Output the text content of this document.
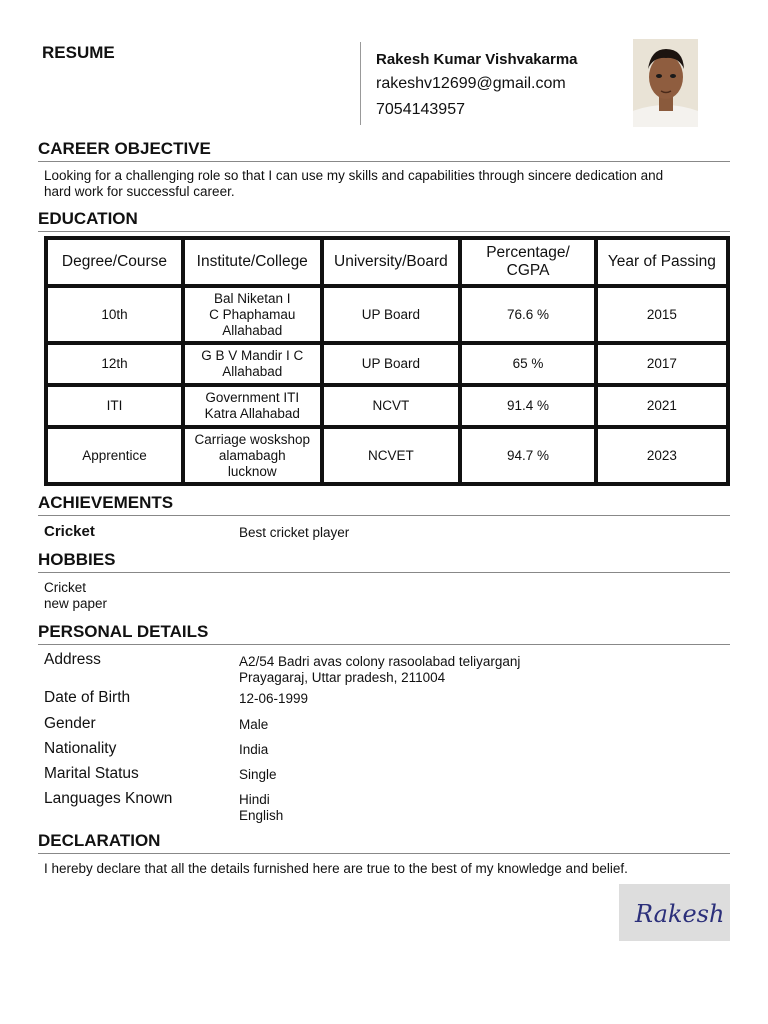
RESUME	Rakesh Kumar Vishvakarma
rakeshv12699@gmail.com
7054143957
CAREER OBJECTIVE
Looking for a challenging role so that I can use my skills and capabilities through sincere dedication and
hard work for successful career.
EDUCATION
Degree/Course	Institute/College	University/Board	Percentage/
CGPA	Year of Passing
10th	Bal Niketan I
C Phaphamau
Allahabad	UP Board	76.6 %	2015
12th	G B V Mandir I C
Allahabad	UP Board	65 %	2017
ITI	Government ITI
Katra Allahabad	NCVT	91.4 %	2021
Apprentice	Carriage woskshop
alamabagh
lucknow	NCVET	94.7 %	2023
ACHIEVEMENTS
Cricket	Best cricket player
HOBBIES
Cricket
new paper
PERSONAL DETAILS
Address	A2/54 Badri avas colony rasoolabad teliyarganj
Prayagaraj, Uttar pradesh, 211004
Date of Birth	12-06-1999
Gender	Male
Nationality	India
Marital Status	Single
Languages Known	Hindi
English
DECLARATION
I hereby declare that all the details furnished here are true to the best of my knowledge and belief.
Rakesh
